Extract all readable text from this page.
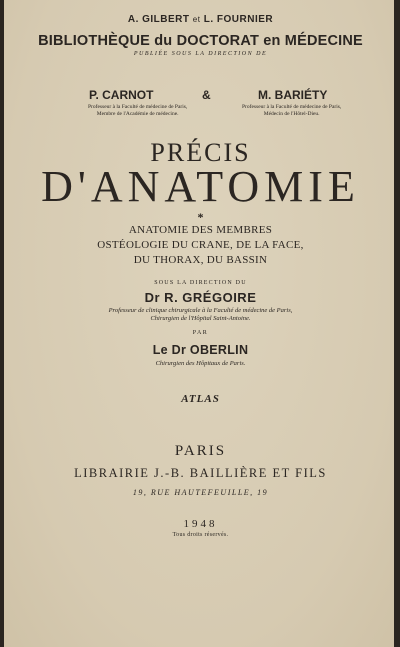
A. GILBERT et L. FOURNIER
BIBLIOTHÈQUE du DOCTORAT en MÉDECINE
PUBLIÉE SOUS LA DIRECTION DE
P. CARNOT	&	M. BARIÉTY
Professeur à la Faculté de médecine de Paris,
Membre de l'Académie de médecine.
Professeur à la Faculté de médecine de Paris,
Médecin de l'Hôtel-Dieu.
PRÉCIS
D'ANATOMIE
*
ANATOMIE DES MEMBRES
OSTÉOLOGIE DU CRANE, DE LA FACE,
DU THORAX, DU BASSIN
SOUS LA DIRECTION DU
Dr R. GRÉGOIRE
Professeur de clinique chirurgicale à la Faculté de médecine de Paris,
Chirurgien de l'Hôpital Saint-Antoine.
PAR
Le Dr OBERLIN
Chirurgien des Hôpitaux de Paris.
ATLAS
PARIS
LIBRAIRIE J.-B. BAILLIÈRE ET FILS
19, RUE HAUTEFEUILLE, 19
1948
Tous droits réservés.
